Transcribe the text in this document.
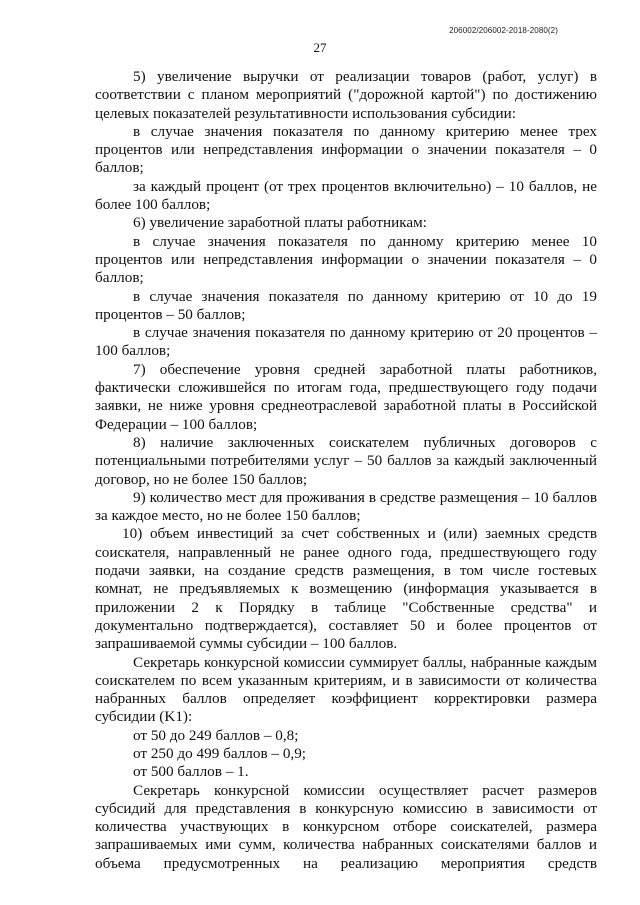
206002/206002-2018-2080(2)
27

5) увеличение выручки от реализации товаров (работ, услуг) в соответствии с планом мероприятий ("дорожной картой") по достижению целевых показателей результативности использования субсидии:

в случае значения показателя по данному критерию менее трех процентов или непредставления информации о значении показателя – 0 баллов;

за каждый процент (от трех процентов включительно) – 10 баллов, не более 100 баллов;

6) увеличение заработной платы работникам:

в случае значения показателя по данному критерию менее 10 процентов или непредставления информации о значении показателя – 0 баллов;

в случае значения показателя по данному критерию от 10 до 19 процентов – 50 баллов;

в случае значения показателя по данному критерию от 20 процентов – 100 баллов;

7) обеспечение уровня средней заработной платы работников, фактически сложившейся по итогам года, предшествующего году подачи заявки, не ниже уровня среднеотраслевой заработной платы в Российской Федерации – 100 баллов;

8) наличие заключенных соискателем публичных договоров с потенциальными потребителями услуг – 50 баллов за каждый заключенный договор, но не более 150 баллов;

9) количество мест для проживания в средстве размещения – 10 баллов за каждое место, но не более 150 баллов;

10) объем инвестиций за счет собственных и (или) заемных средств соискателя, направленный не ранее одного года, предшествующего году подачи заявки, на создание средств размещения, в том числе гостевых комнат, не предъявляемых к возмещению (информация указывается в приложении 2 к Порядку в таблице "Собственные средства" и документально подтверждается), составляет 50 и более процентов от запрашиваемой суммы субсидии – 100 баллов.

Секретарь конкурсной комиссии суммирует баллы, набранные каждым соискателем по всем указанным критериям, и в зависимости от количества набранных баллов определяет коэффициент корректировки размера субсидии (K1):

от 50 до 249 баллов – 0,8;

от 250 до 499 баллов – 0,9;

от 500 баллов – 1.

Секретарь конкурсной комиссии осуществляет расчет размеров субсидий для представления в конкурсную комиссию в зависимости от количества участвующих в конкурсном отборе соискателей, размера запрашиваемых ими сумм, количества набранных соискателями баллов и объема предусмотренных на реализацию мероприятия средств
